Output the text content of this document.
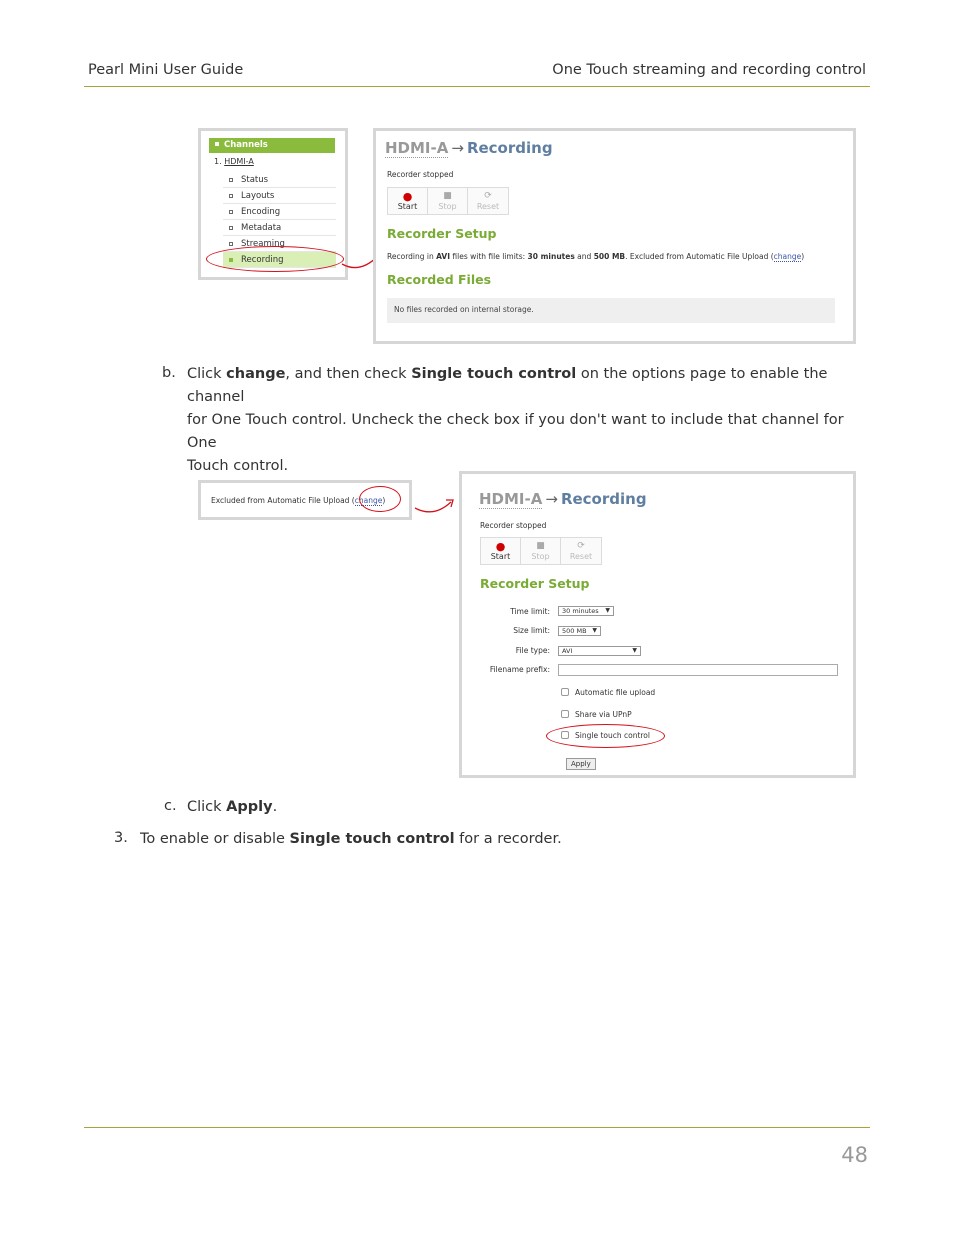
Pearl Mini User Guide	One Touch streaming and recording control
Channels
1. HDMI-A
Status
Layouts
Encoding
Metadata
Streaming
Recording
HDMI-A → Recording
Recorder stopped
●
Start
■
Stop
⟳
Reset
Recorder Setup
Recording in AVI files with file limits: 30 minutes and 500 MB. Excluded from Automatic File Upload (change)
Recorded Files
No files recorded on internal storage.
b. Click change, and then check Single touch control on the options page to enable the channel
for One Touch control. Uncheck the check box if you don't want to include that channel for One
Touch control.
Excluded from Automatic File Upload (change)	HDMI-A → Recording
Recorder stopped
●
Start
■
Stop
⟳
Reset
Recorder Setup
Time limit:	30 minutes ▼
Size limit:	500 MB ▼
File type:	AVI	▼
Filename prefix:
Automatic file upload
Share via UPnP
Single touch control
Apply
c. Click Apply.
3. To enable or disable Single touch control for a recorder.
48
